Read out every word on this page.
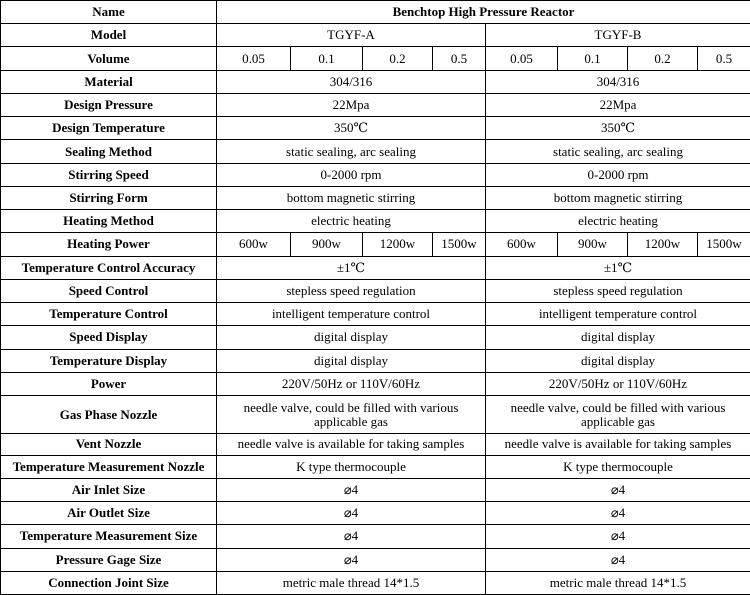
Name	Benchtop High Pressure Reactor							
Model	TGYF-A				TGYF-B			
Volume	0.05	0.1	0.2	0.5	0.05	0.1	0.2	0.5
Material	304/316				304/316			
Design Pressure	22Mpa				22Mpa			
Design Temperature	350℃				350℃			
Sealing Method	static sealing, arc sealing				static sealing, arc sealing			
Stirring Speed	0-2000 rpm				0-2000 rpm			
Stirring Form	bottom magnetic stirring				bottom magnetic stirring			
Heating Method	electric heating				electric heating			
Heating Power	600w	900w	1200w	1500w	600w	900w	1200w	1500w
Temperature Control Accuracy	±1℃				±1℃			
Speed Control	stepless speed regulation				stepless speed regulation			
Temperature Control	intelligent temperature control				intelligent temperature control			
Speed Display	digital display				digital display			
Temperature Display	digital display				digital display			
Power	220V/50Hz or 110V/60Hz				220V/50Hz or 110V/60Hz			
Gas Phase Nozzle	needle valve, could be filled with various applicable gas				needle valve, could be filled with various applicable gas			
Vent Nozzle	needle valve is available for taking samples				needle valve is available for taking samples			
Temperature Measurement Nozzle	K type thermocouple				K type thermocouple			
Air Inlet Size	⌀4				⌀4			
Air Outlet Size	⌀4				⌀4			
Temperature Measurement Size	⌀4				⌀4			
Pressure Gage Size	⌀4				⌀4			
Connection Joint Size	metric male thread 14*1.5				metric male thread 14*1.5			
